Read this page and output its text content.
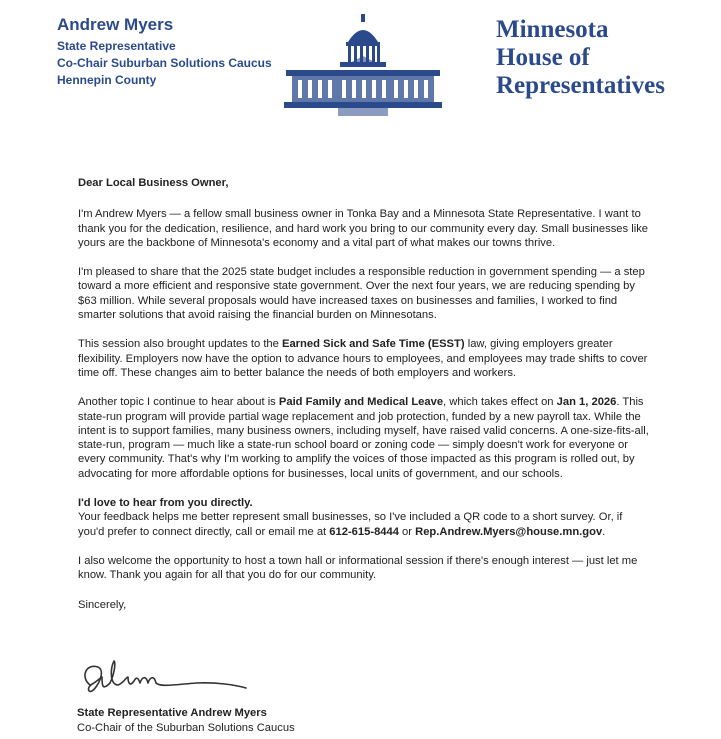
Andrew Myers
State Representative
Co-Chair Suburban Solutions Caucus
Hennepin County
Minnesota
House of
Representatives
Dear Local Business Owner,

I'm Andrew Myers — a fellow small business owner in Tonka Bay and a Minnesota State Representative. I want to thank you for the dedication, resilience, and hard work you bring to our community every day. Small businesses like yours are the backbone of Minnesota's economy and a vital part of what makes our towns thrive.

I'm pleased to share that the 2025 state budget includes a responsible reduction in government spending — a step toward a more efficient and responsive state government. Over the next four years, we are reducing spending by $63 million. While several proposals would have increased taxes on businesses and families, I worked to find smarter solutions that avoid raising the financial burden on Minnesotans.

This session also brought updates to the Earned Sick and Safe Time (ESST) law, giving employers greater flexibility. Employers now have the option to advance hours to employees, and employees may trade shifts to cover time off. These changes aim to better balance the needs of both employers and workers.

Another topic I continue to hear about is Paid Family and Medical Leave, which takes effect on Jan 1, 2026. This state-run program will provide partial wage replacement and job protection, funded by a new payroll tax. While the intent is to support families, many business owners, including myself, have raised valid concerns. A one-size-fits-all, state-run, program — much like a state-run school board or zoning code — simply doesn't work for everyone or every community. That's why I'm working to amplify the voices of those impacted as this program is rolled out, by advocating for more affordable options for businesses, local units of government, and our schools.

I'd love to hear from you directly.
Your feedback helps me better represent small businesses, so I've included a QR code to a short survey. Or, if you'd prefer to connect directly, call or email me at 612-615-8444 or Rep.Andrew.Myers@house.mn.gov.

I also welcome the opportunity to host a town hall or informational session if there's enough interest — just let me know. Thank you again for all that you do for our community.

Sincerely,
State Representative Andrew Myers
Co-Chair of the Suburban Solutions Caucus
